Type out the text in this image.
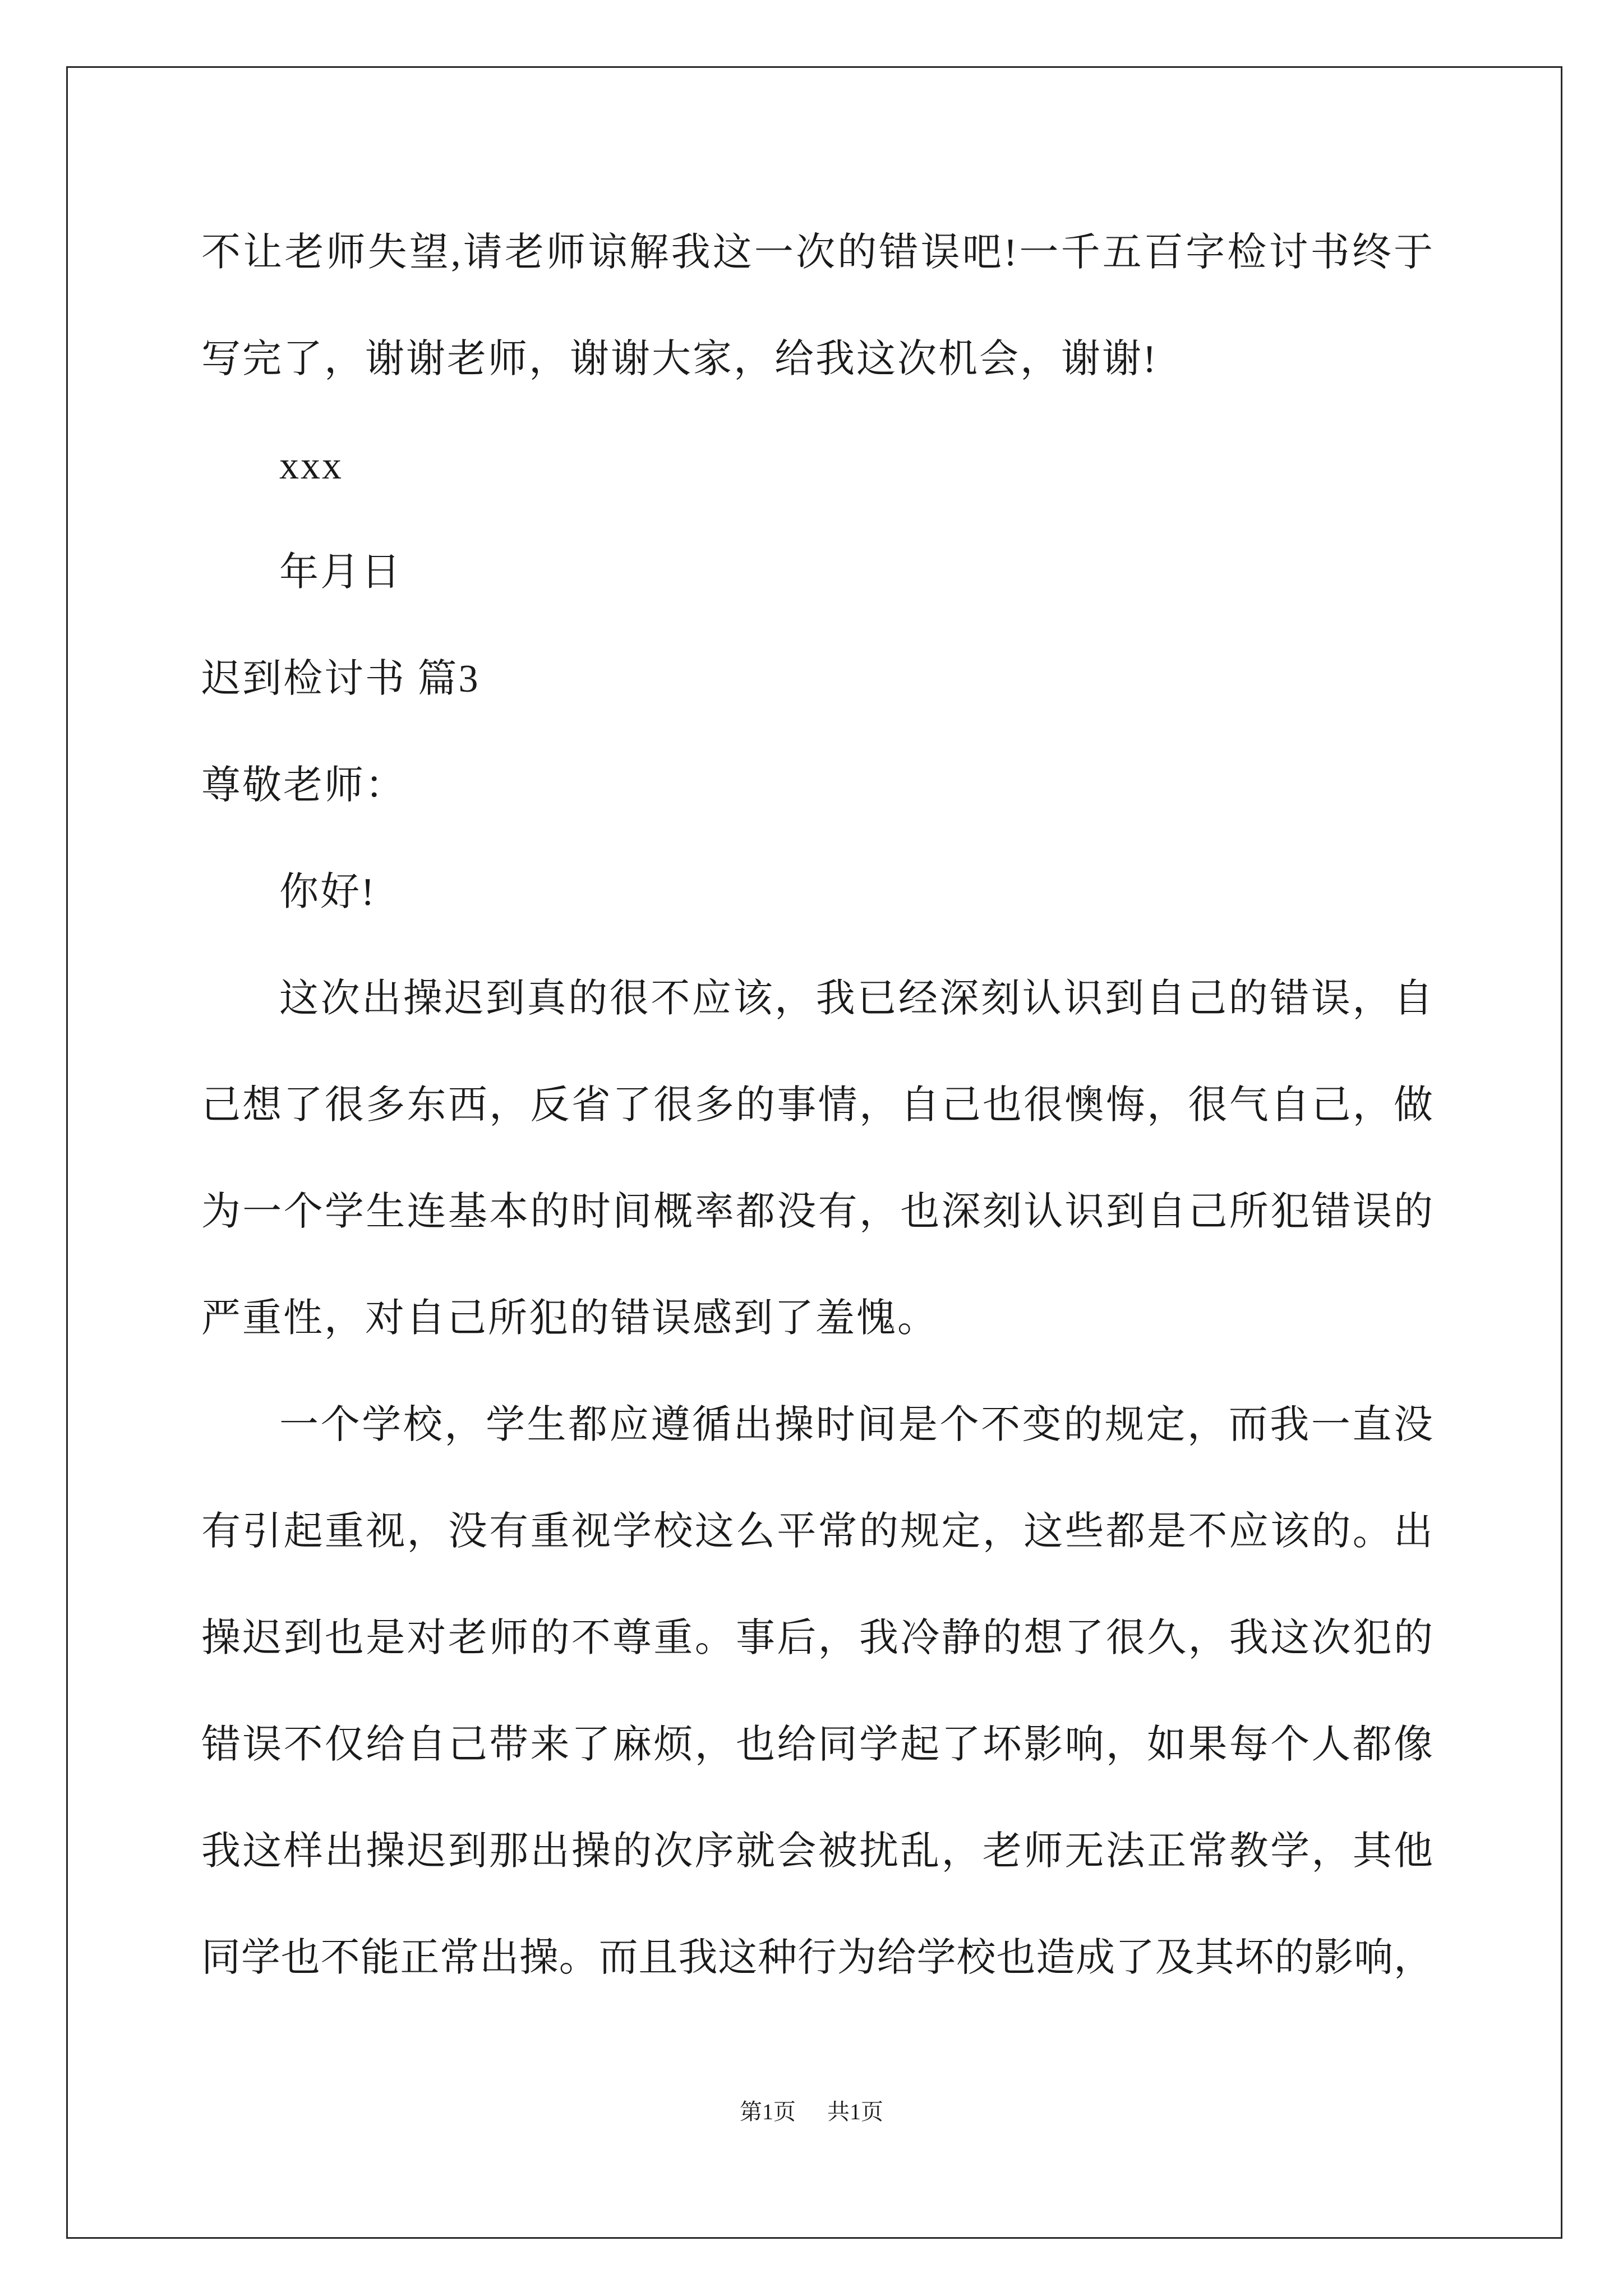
不让老师失望,请老师谅解我这一次的错误吧!一千五百字检讨书终于
写完了，谢谢老师，谢谢大家，给我这次机会，谢谢!
xxx
年月日
迟到检讨书 篇3
尊敬老师：
你好!
这次出操迟到真的很不应该，我已经深刻认识到自己的错误，自
己想了很多东西，反省了很多的事情，自己也很懊悔，很气自己，做
为一个学生连基本的时间概率都没有，也深刻认识到自己所犯错误的
严重性，对自己所犯的错误感到了羞愧。
一个学校，学生都应遵循出操时间是个不变的规定，而我一直没
有引起重视，没有重视学校这么平常的规定，这些都是不应该的。出
操迟到也是对老师的不尊重。事后，我冷静的想了很久，我这次犯的
错误不仅给自己带来了麻烦，也给同学起了坏影响，如果每个人都像
我这样出操迟到那出操的次序就会被扰乱，老师无法正常教学，其他
同学也不能正常出操。而且我这种行为给学校也造成了及其坏的影响，
第1页 共1页
